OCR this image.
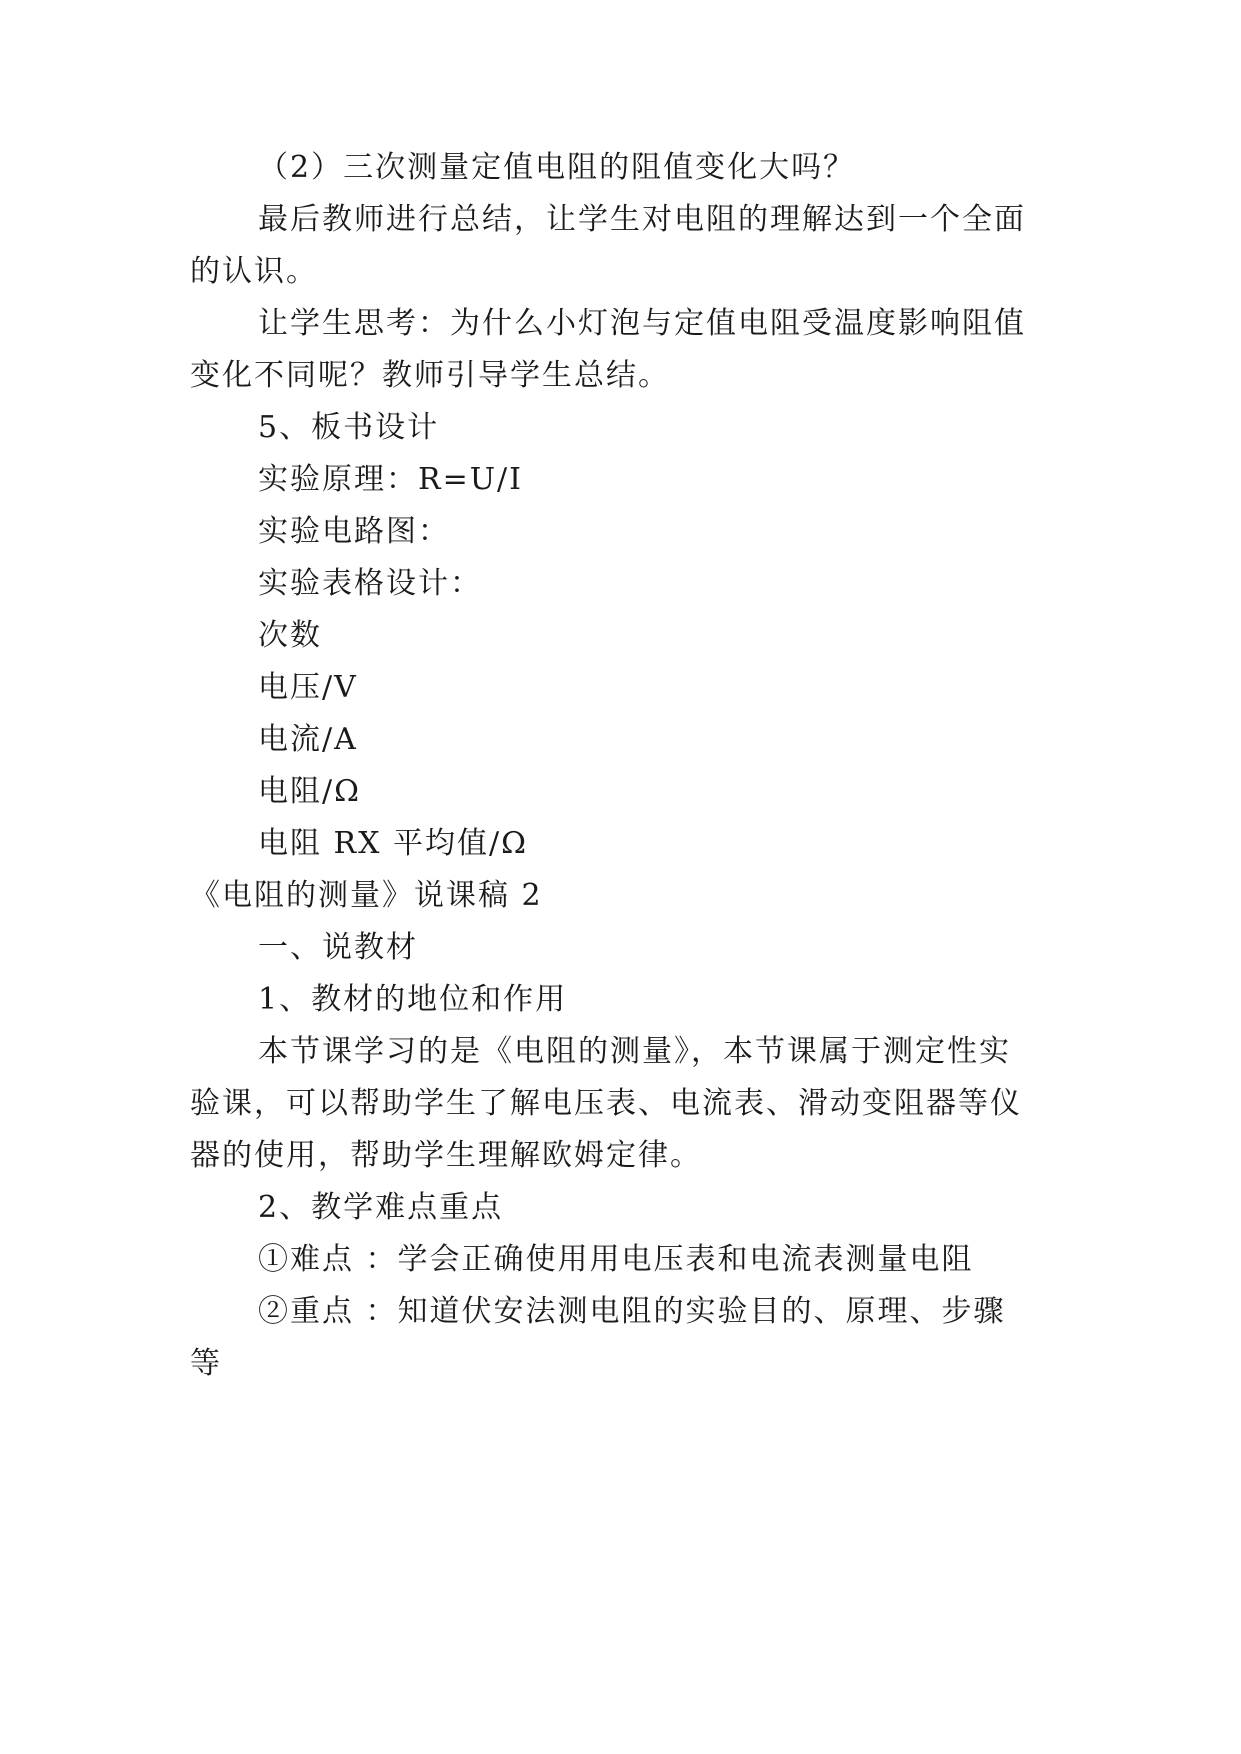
（2）三次测量定值电阻的阻值变化大吗？
最后教师进行总结，让学生对电阻的理解达到一个全面
的认识。
让学生思考：为什么小灯泡与定值电阻受温度影响阻值
变化不同呢？教师引导学生总结。
5、板书设计
实验原理：R=U/I
实验电路图：
实验表格设计：
次数
电压/V
电流/A
电阻/Ω
电阻 RX 平均值/Ω
《电阻的测量》说课稿 2
一、说教材
1、教材的地位和作用
本节课学习的是《电阻的测量》，本节课属于测定性实
验课，可以帮助学生了解电压表、电流表、滑动变阻器等仪
器的使用，帮助学生理解欧姆定律。
2、教学难点重点
①难点 ：学会正确使用用电压表和电流表测量电阻
②重点 ：知道伏安法测电阻的实验目的、原理、步骤
等
